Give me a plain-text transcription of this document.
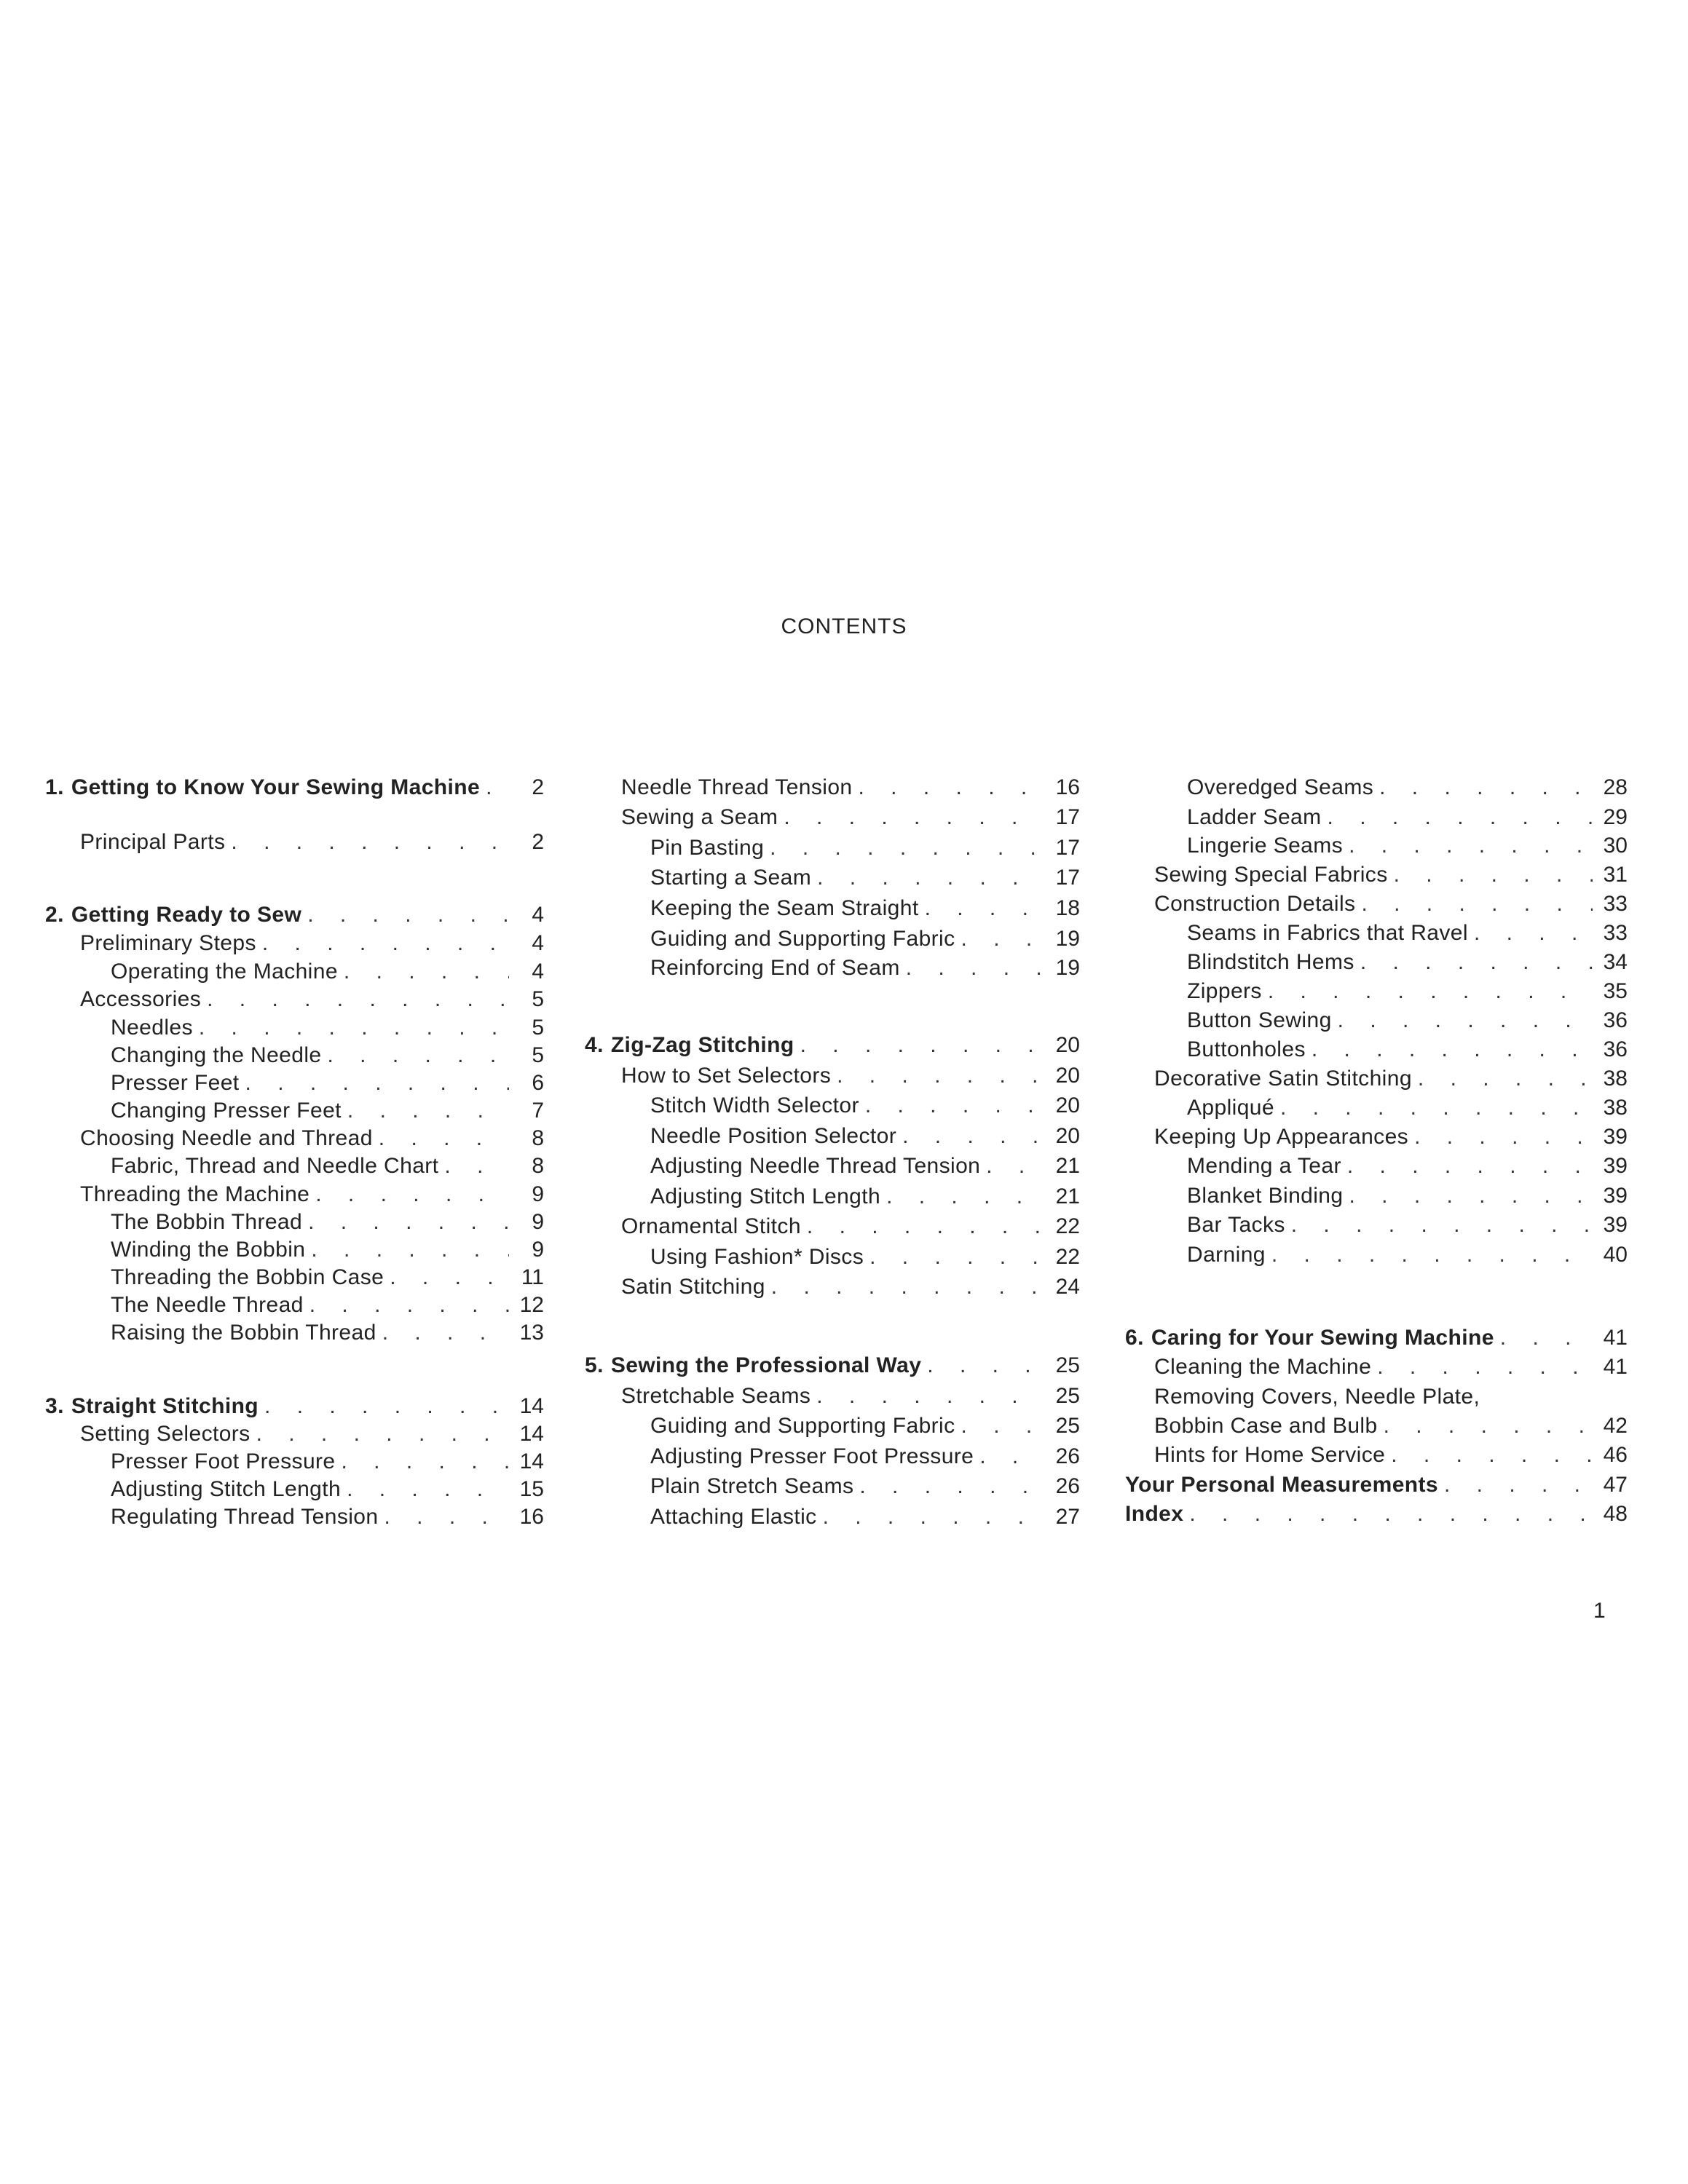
CONTENTS
1. Getting to Know Your Sewing Machine . . .	2
Principal Parts . . .	2
2. Getting Ready to Sew . . .	4
Preliminary Steps . . .	4
Operating the Machine . . .	4
Accessories . . .	5
Needles . . .	5
Changing the Needle . . .	5
Presser Feet . . .	6
Changing Presser Feet . . .	7
Choosing Needle and Thread . . .	8
Fabric, Thread and Needle Chart . . .	8
Threading the Machine . . .	9
The Bobbin Thread . . .	9
Winding the Bobbin . . .	9
Threading the Bobbin Case . . .	11
The Needle Thread . . .	12
Raising the Bobbin Thread . . .	13
3. Straight Stitching . . .	14
Setting Selectors . . .	14
Presser Foot Pressure . . .	14
Adjusting Stitch Length . . .	15
Regulating Thread Tension . . .	16
Needle Thread Tension . . .	16
Sewing a Seam . . .	17
Pin Basting . . .	17
Starting a Seam . . .	17
Keeping the Seam Straight . . .	18
Guiding and Supporting Fabric . . .	19
Reinforcing End of Seam . . .	19
4. Zig-Zag Stitching . . .	20
How to Set Selectors . . .	20
Stitch Width Selector . . .	20
Needle Position Selector . . .	20
Adjusting Needle Thread Tension . . .	21
Adjusting Stitch Length . . .	21
Ornamental Stitch . . .	22
Using Fashion* Discs . . .	22
Satin Stitching . . .	24
5. Sewing the Professional Way . . .	25
Stretchable Seams . . .	25
Guiding and Supporting Fabric . . .	25
Adjusting Presser Foot Pressure . . .	26
Plain Stretch Seams . . .	26
Attaching Elastic . . .	27
Overedged Seams . . .	28
Ladder Seam . . .	29
Lingerie Seams . . .	30
Sewing Special Fabrics . . .	31
Construction Details . . .	33
Seams in Fabrics that Ravel . . .	33
Blindstitch Hems . . .	34
Zippers . . .	35
Button Sewing . . .	36
Buttonholes . . .	36
Decorative Satin Stitching . . .	38
Appliqué . . .	38
Keeping Up Appearances . . .	39
Mending a Tear . . .	39
Blanket Binding . . .	39
Bar Tacks . . .	39
Darning . . .	40
6. Caring for Your Sewing Machine . . .	41
Cleaning the Machine . . .	41
Removing Covers, Needle Plate,
Bobbin Case and Bulb . . .	42
Hints for Home Service . . .	46
Your Personal Measurements . . .	47
Index . . .	48
1
